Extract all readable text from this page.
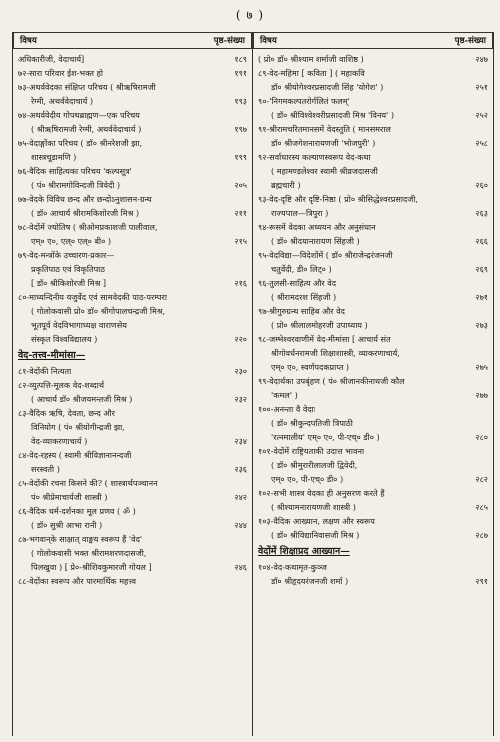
( ७ )
विषय	पृष्ठ-संख्या
अधिकारीजी, वेदाचार्य]	१८९
७२-सारा परिवार ईश-भक्त हो	१९१
७३-अथर्ववेदका संक्षिप्त परिचय ( श्रीऋषिरामजी
रेग्मी, अथर्ववेदाचार्य )	१९३
७४-अथर्ववेदीय गोपथब्राह्मण—एक परिचय
( श्रीऋषिरामजी रेग्मी, अथर्ववेदाचार्य )	१९७
७५-वेदाङ्गोंका परिचय ( डॉ० श्रीनरेशजी झा,
शास्त्रचूडामणि )	१९९
७६-वैदिक साहित्यका परिचय 'कल्पसूत्र'
( पं० श्रीरामगोविन्दजी त्रिवेदी )	२०५
७७-वेदके विविध छन्द और छन्दोऽनुशासन-ग्रन्थ
( डॉ० आचार्य श्रीरामकिशोरजी मिश्र )	२११
७८-वेदोंमें ज्योतिष ( श्रीओमप्रकाशजी पालीवाल,
एम्० ए०, एल्० एल्० बी० )	२१५
७९-वेद-मन्त्रोंके उच्चारण-प्रकार—
प्रकृतिपाठ एवं विकृतिपाठ
[ डॉ० श्रीकिशोरजी मिश्र ]	२१६
८०-माध्यन्दिनीय यजुर्वेद एवं सामवेदकी पाठ-परम्परा
( गोलोकवासी प्रो० डॉ० श्रीगोपालचन्द्रजी मिश्र,
भूतपूर्व वेदविभागाध्यक्ष वाराणसेय
संस्कृत विश्वविद्यालय )	२२०
वेद-तत्त्व-मीमांसा—
८१-वेदोंकी नित्यता	२३०
८२-व्युत्पत्ति-मूलक वेद-शब्दार्थ
( आचार्य डॉ० श्रीजयमन्तजी मिश्र )	२३२
८३-वैदिक ऋषि, देवता, छन्द और
विनियोग ( पं० श्रीयोगीन्द्रजी झा,
वेद-व्याकरणाचार्य )	२३४
८४-वेद-रहस्य ( स्वामी श्रीविज्ञानानन्दजी
सरस्वती )	२३६
८५-वेदोंकी रचना किसने की? ( शास्त्रार्थपञ्चानन
पं० श्रीप्रेमाचार्यजी शास्त्री )	२४२
८६-वैदिक धर्म-दर्शनका मूल प्रणव ( ॐ )
( डॉ० सुश्री आभा रानी )	२४४
८७-भगवान्‌के साक्षात् वाङ्मय स्वरूप हैं 'वेद'
( गोलोकवासी भक्त श्रीरामशरणदासजी,
पिलखुवा ) [ प्रे०-श्रीशिवकुमारजी गोयल ]	२४६
८८-वेदोंका स्वरूप और पारमार्थिक महत्त्व
विषय	पृष्ठ-संख्या
( प्रो० डॉ० श्रीश्याम शर्माजी वाशिष्ठ )	२४७
८९-वेद-महिमा [ कविता ] ( महाकवि
डॉ० श्रीयोगेश्वरप्रसादजी सिंह 'योगेश' )	२५१
९०-'निगमकल्पतरोर्गलितं फलम्'
( डॉ० श्रीविश्वेश्वरीप्रसादजी मिश्र 'विनय' )	२५२
९१-श्रीरामचरितमानसमें वेदस्तुति ( मानसमराल
डॉ० श्रीजगेशनारायणजी 'भोजपुरी' )	२५८
९२-सर्वाधारस्य कल्याणस्वरूप वेद-कथा
( महामण्डलेश्वर स्वामी श्रीव्रजदासजी
ब्रह्मचारी )	२६०
९३-वेद-दृष्टि और दृष्टि-निष्ठा ( प्रो० श्रीसिद्धेश्वरप्रसादजी,
राज्यपाल—त्रिपुरा )	२६३
९४-रूसमें वेदका अध्ययन और अनुसंधान
( डॉ० श्रीदयानारायण सिंहजी )	२६६
९५-वेदविद्या—विदेशोंमें ( डॉ० श्रीराजेन्द्ररंजनजी
चतुर्वेदी, डी० लिट्० )	२६९
९६-तुलसी-साहित्य और वेद
( श्रीरामदरश सिंहजी )	२७१
९७-श्रीगुरुग्रन्थ साहिब और वेद
( प्रो० श्रीलालमोहरजी उपाध्याय )	२७३
९८-जम्भेश्वरवाणीमें वेद-मीमांसा [ आचार्य संत
श्रीगोवर्धनरामजी शिक्षाशास्त्री, व्याकरणाचार्य,
एम्० ए०, स्वर्णपदकप्राप्त )	२७५
९९-वेदार्थका उपबृंहण ( पं० श्रीजानकीनाथजी कौल
'कमल' )	२७७
१००-अनन्ता वै वेदाः
( डॉ० श्रीकुन्दपतिजी त्रिपाठी
'रत्नमालीय' एम्० ए०, पी-एच्० डी० )	२८०
१०१-वेदोंमें राष्ट्रियताकी उदात्त भावना
( डॉ० श्रीमुरारीलालजी द्विवेदी,
एम्० ए०, पी-एच्० डी० )	२८२
१०२-सभी शास्त्र वेदका ही अनुसरण करते हैं
( श्रीश्यामनारायणजी शास्त्री )	२८५
१०३-वैदिक आख्यान, लक्षण और स्वरूप
( डॉ० श्रीविद्यानिवासजी मिश्र )	२८७
वेदोंमें शिक्षाप्रद आख्यान—
१०४-वेद-कथामृत-कुञ्ज
डॉ० श्रीहृदयरंजनजी शर्मा )	२९१
